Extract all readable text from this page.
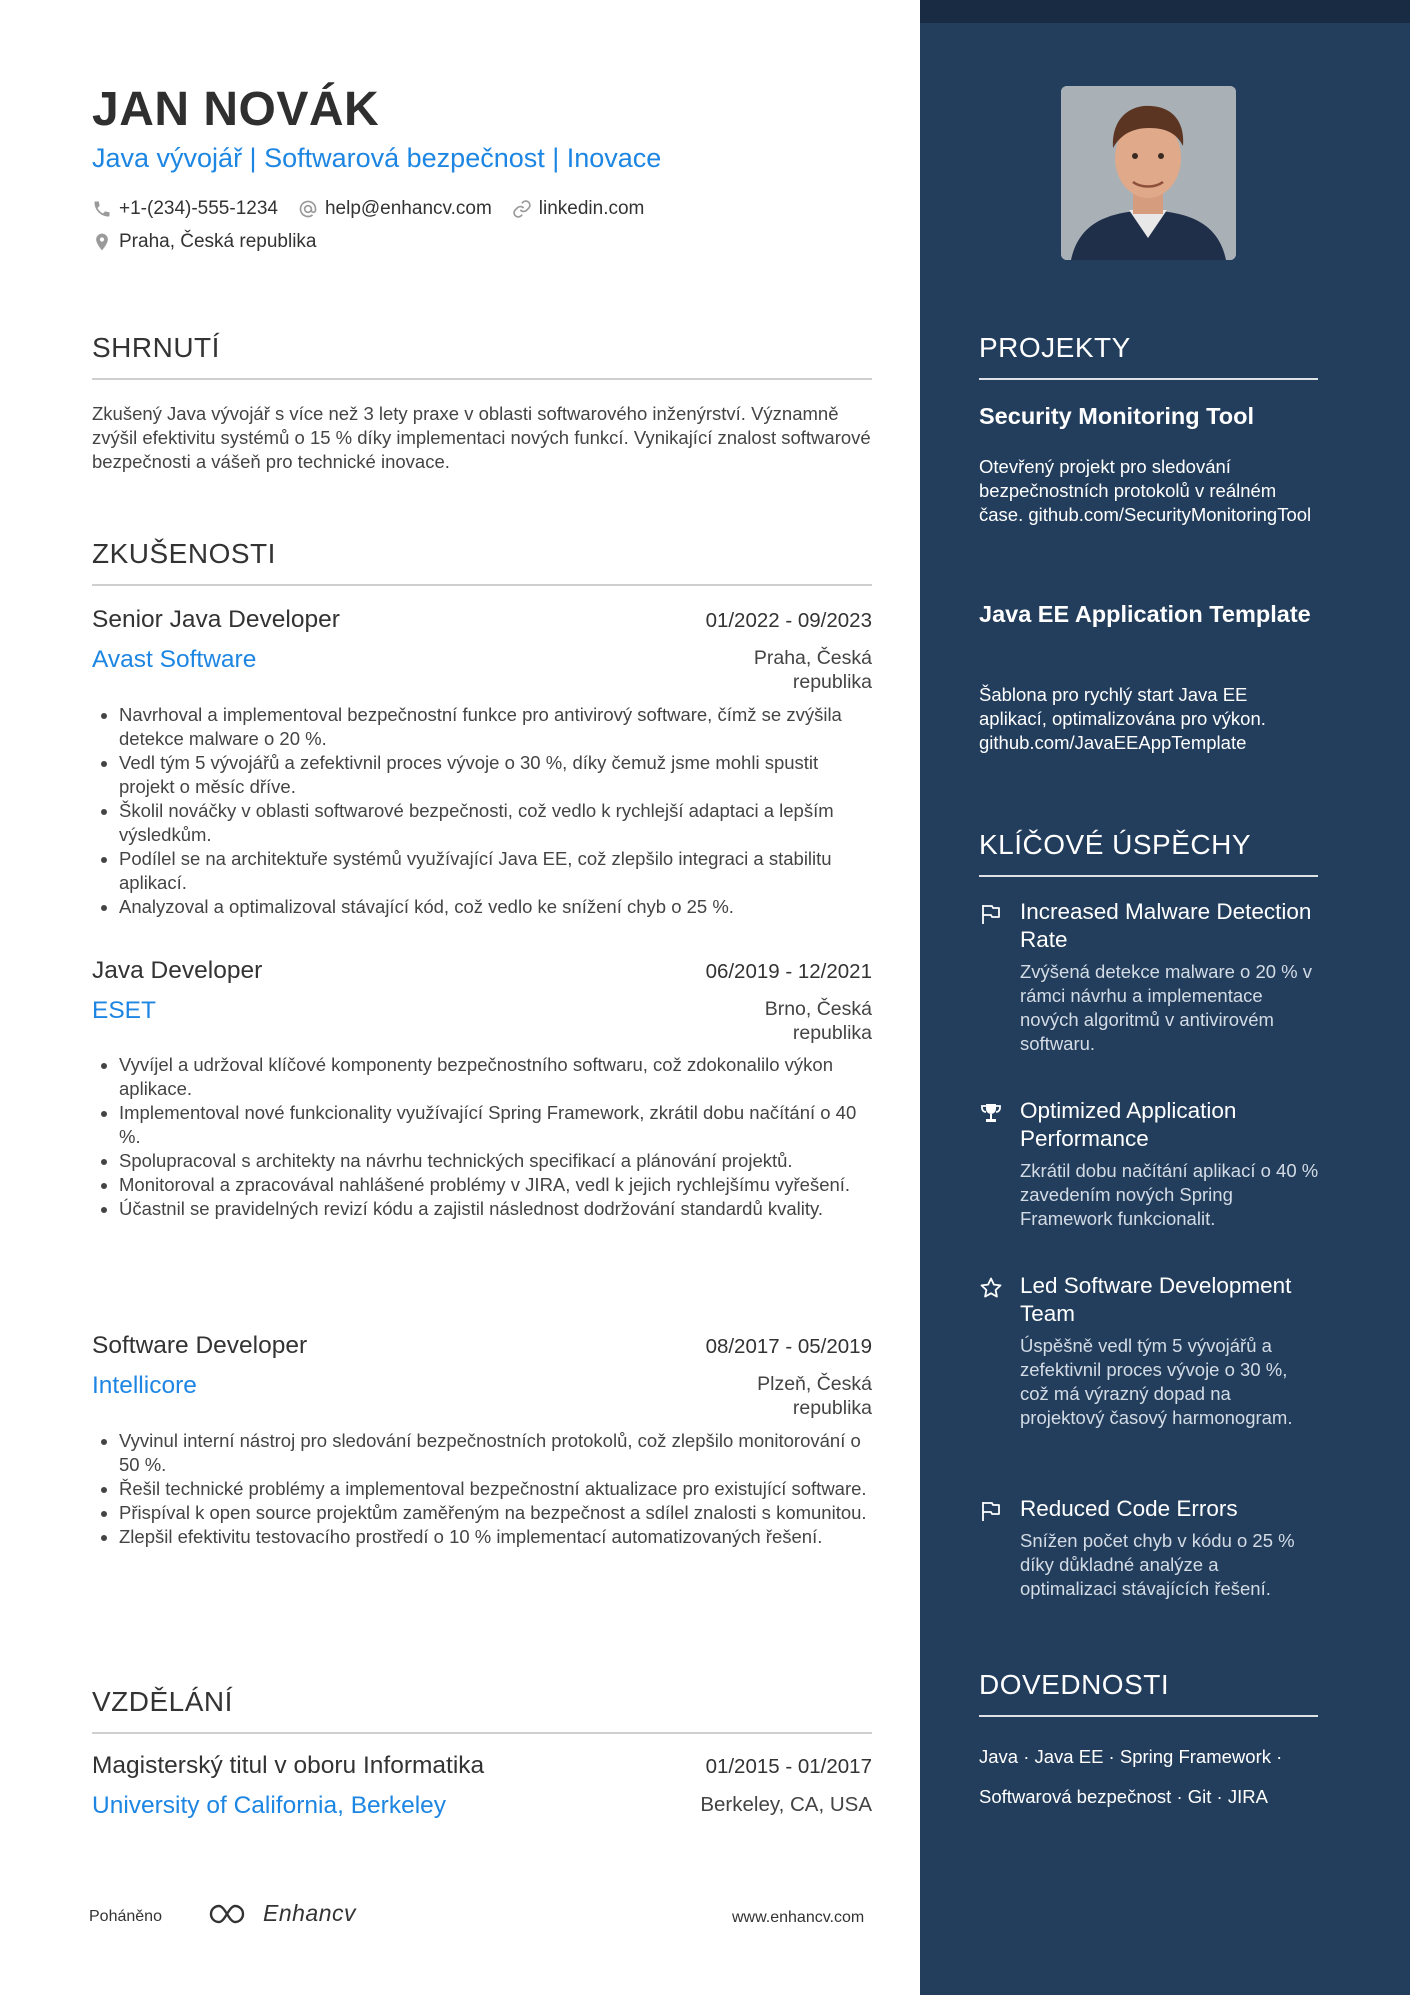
JAN NOVÁK
Java vývojář | Softwarová bezpečnost | Inovace
+1-(234)-555-1234 help@enhancv.com linkedin.com
Praha, Česká republika
SHRNUTÍ
Zkušený Java vývojář s více než 3 lety praxe v oblasti softwarového inženýrství. Významně zvýšil efektivitu systémů o 15 % díky implementaci nových funkcí. Vynikající znalost softwarové bezpečnosti a vášeň pro technické inovace.
ZKUŠENOSTI
Senior Java Developer	01/2022 - 09/2023
Avast Software	Praha, Česká republika
Navrhoval a implementoval bezpečnostní funkce pro antivirový software, čímž se zvýšila detekce malware o 20 %.
Vedl tým 5 vývojářů a zefektivnil proces vývoje o 30 %, díky čemuž jsme mohli spustit projekt o měsíc dříve.
Školil nováčky v oblasti softwarové bezpečnosti, což vedlo k rychlejší adaptaci a lepším výsledkům.
Podílel se na architektuře systémů využívající Java EE, což zlepšilo integraci a stabilitu aplikací.
Analyzoval a optimalizoval stávající kód, což vedlo ke snížení chyb o 25 %.
Java Developer	06/2019 - 12/2021
ESET	Brno, Česká republika
Vyvíjel a udržoval klíčové komponenty bezpečnostního softwaru, což zdokonalilo výkon aplikace.
Implementoval nové funkcionality využívající Spring Framework, zkrátil dobu načítání o 40 %.
Spolupracoval s architekty na návrhu technických specifikací a plánování projektů.
Monitoroval a zpracovával nahlášené problémy v JIRA, vedl k jejich rychlejšímu vyřešení.
Účastnil se pravidelných revizí kódu a zajistil následnost dodržování standardů kvality.
Software Developer	08/2017 - 05/2019
Intellicore	Plzeň, Česká republika
Vyvinul interní nástroj pro sledování bezpečnostních protokolů, což zlepšilo monitorování o 50 %.
Řešil technické problémy a implementoval bezpečnostní aktualizace pro existující software.
Přispíval k open source projektům zaměřeným na bezpečnost a sdílel znalosti s komunitou.
Zlepšil efektivitu testovacího prostředí o 10 % implementací automatizovaných řešení.
VZDĚLÁNÍ
Magisterský titul v oboru Informatika	01/2015 - 01/2017
University of California, Berkeley	Berkeley, CA, USA
Poháněno	Enhancv	www.enhancv.com
PROJEKTY
Security Monitoring Tool
Otevřený projekt pro sledování bezpečnostních protokolů v reálném čase. github.com/SecurityMonitoringTool
Java EE Application Template
Šablona pro rychlý start Java EE aplikací, optimalizována pro výkon. github.com/JavaEEAppTemplate
KLÍČOVÉ ÚSPĚCHY
Increased Malware Detection Rate
Zvýšená detekce malware o 20 % v rámci návrhu a implementace nových algoritmů v antivirovém softwaru.
Optimized Application Performance
Zkrátil dobu načítání aplikací o 40 % zavedením nových Spring Framework funkcionalit.
Led Software Development Team
Úspěšně vedl tým 5 vývojářů a zefektivnil proces vývoje o 30 %, což má výrazný dopad na projektový časový harmonogram.
Reduced Code Errors
Snížen počet chyb v kódu o 25 % díky důkladné analýze a optimalizaci stávajících řešení.
DOVEDNOSTI
Java · Java EE · Spring Framework ·
Softwarová bezpečnost · Git · JIRA
